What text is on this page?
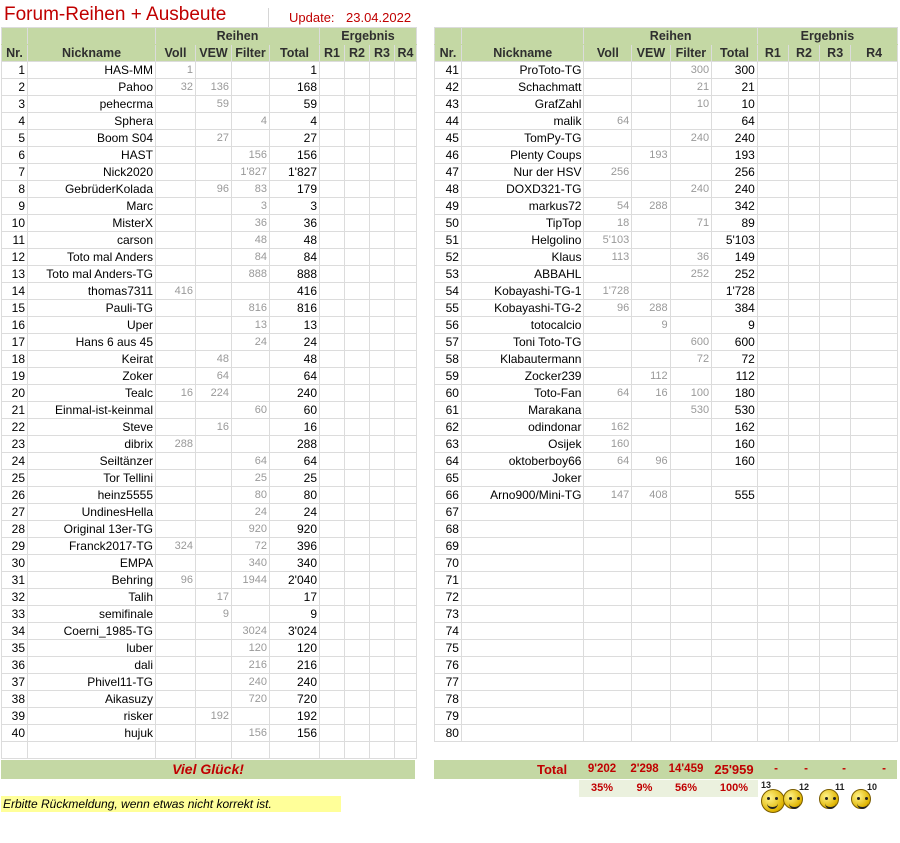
Forum-Reihen + Ausbeute	Update: 23.04.2022
		Reihen				Ergebnis			
Nr.	Nickname	Voll	VEW	Filter	Total	R1	R2	R3	R4
1	HAS-MM	1			1				
2	Pahoo	32	136		168				
3	pehecrma		59		59				
4	Sphera			4	4				
5	Boom S04		27		27				
6	HAST			156	156				
7	Nick2020			1'827	1'827				
8	GebrüderKolada		96	83	179				
9	Marc			3	3				
10	MisterX			36	36				
11	carson			48	48				
12	Toto mal Anders			84	84				
13	Toto mal Anders-TG			888	888				
14	thomas7311	416			416				
15	Pauli-TG			816	816				
16	Uper			13	13				
17	Hans 6 aus 45			24	24				
18	Keirat		48		48				
19	Zoker		64		64				
20	Tealc	16	224		240				
21	Einmal-ist-keinmal			60	60				
22	Steve		16		16				
23	dibrix	288			288				
24	Seiltänzer			64	64				
25	Tor Tellini			25	25				
26	heinz5555			80	80				
27	UndinesHella			24	24				
28	Original 13er-TG			920	920				
29	Franck2017-TG	324		72	396				
30	EMPA			340	340				
31	Behring	96		1944	2'040				
32	Talih		17		17				
33	semifinale		9		9				
34	Coerni_1985-TG			3024	3'024				
35	luber			120	120				
36	dali			216	216				
37	Phivel11-TG			240	240				
38	Aikasuzy			720	720				
39	risker		192		192				
40	hujuk			156	156				

		Reihen				Ergebnis			
Nr.	Nickname	Voll	VEW	Filter	Total	R1	R2	R3	R4
41	ProToto-TG			300	300				
42	Schachmatt			21	21				
43	GrafZahl			10	10				
44	malik	64			64				
45	TomPy-TG			240	240				
46	Plenty Coups		193		193				
47	Nur der HSV	256			256				
48	DOXD321-TG			240	240				
49	markus72	54	288		342				
50	TipTop	18		71	89				
51	Helgolino	5'103			5'103				
52	Klaus	113		36	149				
53	ABBAHL			252	252				
54	Kobayashi-TG-1	1'728			1'728				
55	Kobayashi-TG-2	96	288		384				
56	totocalcio		9		9				
57	Toni Toto-TG			600	600				
58	Klabautermann			72	72				
59	Zocker239		112		112				
60	Toto-Fan	64	16	100	180				
61	Marakana			530	530				
62	odindonar	162			162				
63	Osijek	160			160				
64	oktoberboy66	64	96		160				
65	Joker								
66	Arno900/Mini-TG	147	408		555				
67									
68									
69									
70									
71									
72									
73									
74									
75									
76									
77									
78									
79									
80									
Viel Glück!
Erbitte Rückmeldung, wenn etwas nicht korrekt ist.
Total	9'202	2'298 14'459 25'959	-	-	-	-
35%	9%	56%	100%	13	12	11 10
